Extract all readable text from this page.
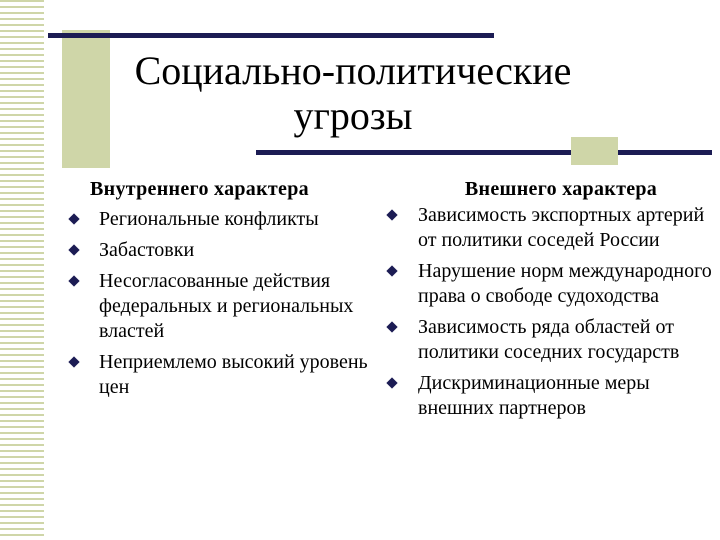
Социально-политические
угрозы
Внутреннего характера
Региональные конфликты
Забастовки
Несогласованные действия федеральных и региональных властей
Неприемлемо высокий уровень цен
Внешнего характера
Зависимость экспортных артерий от политики соседей России
Нарушение норм международного права о свободе судоходства
Зависимость ряда областей от политики соседних государств
Дискриминационные меры внешних партнеров
